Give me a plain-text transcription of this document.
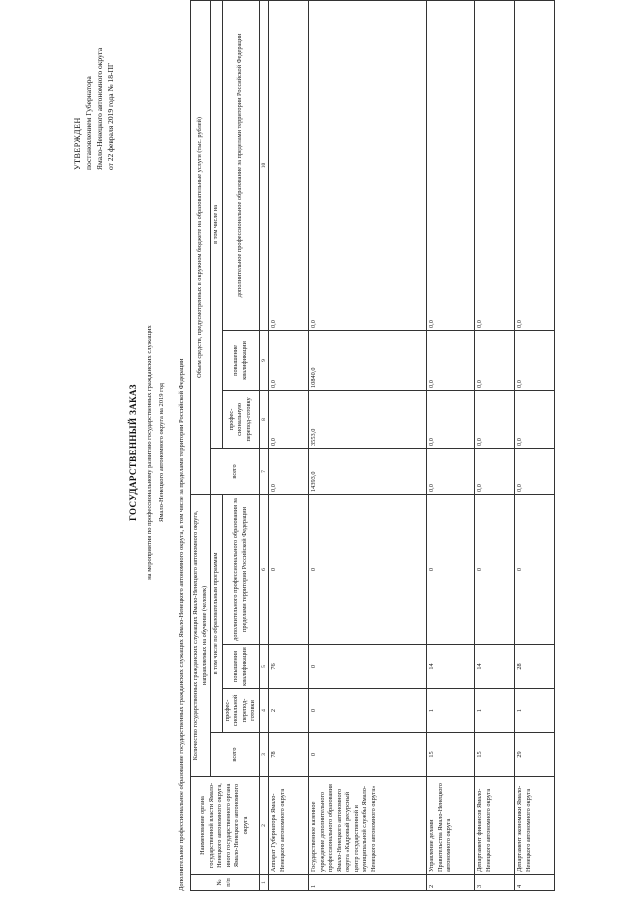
УТВЕРЖДЕН постановлением Губернатора Ямало-Ненецкого автономного округа от 22 февраля 2019 года № 18-ПГ
ГОСУДАРСТВЕННЫЙ ЗАКАЗ на мероприятия по профессиональному развитию государственных гражданских служащих Ямало-Ненецкого автономного округа на 2019 год Дополнительное профессиональное образование государственных гражданских служащих Ямало-Ненецкого автономного округа, в том числе за пределами территории Российской Федерации	№ п/п	Наименование органа государственной власти Ямало-Ненецкого автономного округа, иного государственного органа Ямало-Ненецкого автономного округа	Количество государственных гражданских служащих Ямало-Ненецкого автономного округа, направляемых на обучение (человек)				Объем средств, предусмотренных в окружном бюджете на образовательные услуги (тыс. рублей)			
		всего	в том числе по образовательным программам			всего	в том числе на		
			профес-сиональной перепод-готовки	повышения квалификации	дополнительного профессионального образования за пределами территории Российской Федерации		профес-сиональную перепод-готовку	повышение квалификации	дополнительное профессиональное образование за пределами территории Российской Федерации
1	2	3	4	5	6	7	8	9	10
	Аппарат Губернатора Ямало-Ненецкого автономного округа	78	2	76	0	0,0	0,0	0,0	0,0
1	Государственное казенное учреждение дополнительного профессионального образования Ямало-Ненецкого автономного округа «Кадровый ресурсный центр государственной и муниципальной службы Ямало-Ненецкого автономного округа»	0	0	0	0	14393,0	3553,0	10840,0	0,0
2	Управление делами Правительства Ямало-Ненецкого автономного округа	15	1	14	0	0,0	0,0	0,0	0,0
3	Департамент финансов Ямало-Ненецкого автономного округа	15	1	14	0	0,0	0,0	0,0	0,0
4	Департамент экономики Ямало-Ненецкого автономного округа	29	1	28	0	0,0	0,0	0,0	0,0
